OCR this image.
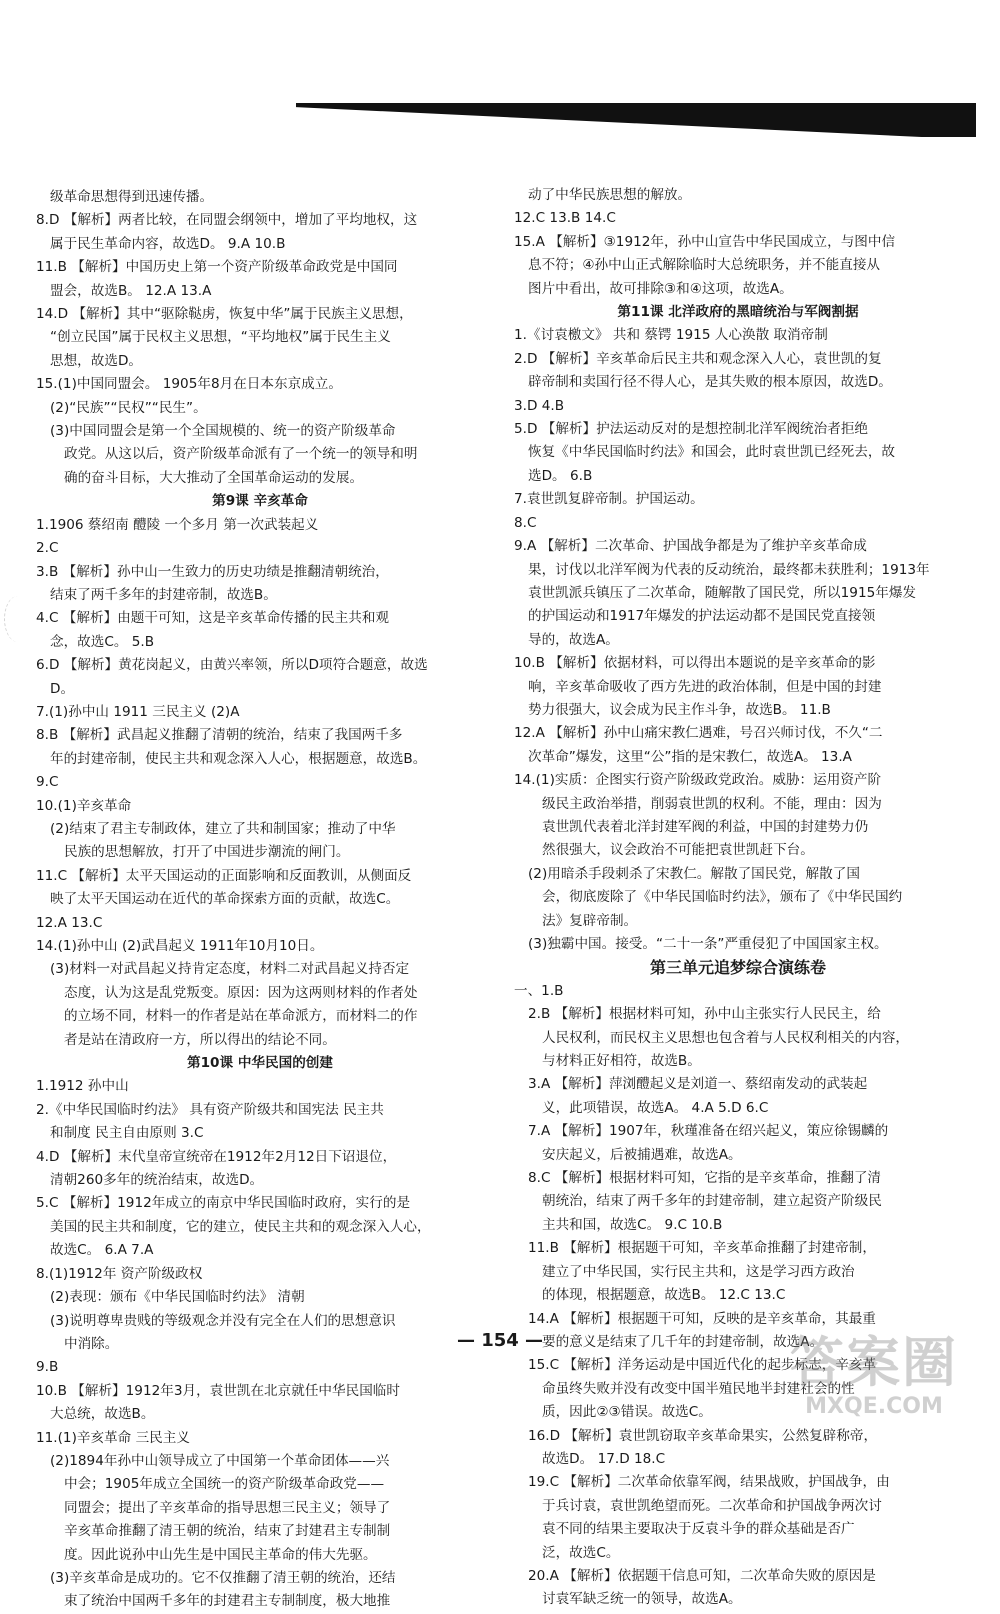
级革命思想得到迅速传播。
8.D 【解析】两者比较，在同盟会纲领中，增加了平均地权，这
属于民生革命内容，故选D。 9.A 10.B
11.B 【解析】中国历史上第一个资产阶级革命政党是中国同
盟会，故选B。 12.A 13.A
14.D 【解析】其中“驱除鞑虏，恢复中华”属于民族主义思想，
“创立民国”属于民权主义思想，“平均地权”属于民生主义
思想，故选D。
15.(1)中国同盟会。 1905年8月在日本东京成立。
(2)“民族”“民权”“民生”。
(3)中国同盟会是第一个全国规模的、统一的资产阶级革命
政党。从这以后，资产阶级革命派有了一个统一的领导和明
确的奋斗目标，大大推动了全国革命运动的发展。
第9课 辛亥革命
1.1906 蔡绍南 醴陵 一个多月 第一次武装起义
2.C
3.B 【解析】孙中山一生致力的历史功绩是推翻清朝统治，
结束了两千多年的封建帝制，故选B。
4.C 【解析】由题干可知，这是辛亥革命传播的民主共和观
念，故选C。 5.B
6.D 【解析】黄花岗起义，由黄兴率领，所以D项符合题意，故选
D。
7.(1)孙中山 1911 三民主义 (2)A
8.B 【解析】武昌起义推翻了清朝的统治，结束了我国两千多
年的封建帝制，使民主共和观念深入人心，根据题意，故选B。
9.C
10.(1)辛亥革命
(2)结束了君主专制政体，建立了共和制国家；推动了中华
民族的思想解放，打开了中国进步潮流的闸门。
11.C 【解析】太平天国运动的正面影响和反面教训，从侧面反
映了太平天国运动在近代的革命探索方面的贡献，故选C。
12.A 13.C
14.(1)孙中山 (2)武昌起义 1911年10月10日。
(3)材料一对武昌起义持肯定态度，材料二对武昌起义持否定
态度，认为这是乱党叛变。原因：因为这两则材料的作者处
的立场不同，材料一的作者是站在革命派方，而材料二的作
者是站在清政府一方，所以得出的结论不同。
第10课 中华民国的创建
1.1912 孙中山
2.《中华民国临时约法》 具有资产阶级共和国宪法 民主共
和制度 民主自由原则 3.C
4.D 【解析】末代皇帝宣统帝在1912年2月12日下诏退位，
清朝260多年的统治结束，故选D。
5.C 【解析】1912年成立的南京中华民国临时政府，实行的是
美国的民主共和制度，它的建立，使民主共和的观念深入人心，
故选C。 6.A 7.A
8.(1)1912年 资产阶级政权
(2)表现：颁布《中华民国临时约法》 清朝
(3)说明尊卑贵贱的等级观念并没有完全在人们的思想意识
中消除。
9.B
10.B 【解析】1912年3月，袁世凯在北京就任中华民国临时
大总统，故选B。
11.(1)辛亥革命 三民主义
(2)1894年孙中山领导成立了中国第一个革命团体——兴
中会；1905年成立全国统一的资产阶级革命政党——
同盟会；提出了辛亥革命的指导思想三民主义；领导了
辛亥革命推翻了清王朝的统治，结束了封建君主专制制
度。因此说孙中山先生是中国民主革命的伟大先驱。
(3)辛亥革命是成功的。它不仅推翻了清王朝的统治，还结
束了统治中国两千多年的封建君主专制制度，极大地推
动了中华民族思想的解放。
12.C 13.B 14.C
15.A 【解析】③1912年，孙中山宣告中华民国成立，与图中信
息不符；④孙中山正式解除临时大总统职务，并不能直接从
图片中看出，故可排除③和④这项，故选A。
第11课 北洋政府的黑暗统治与军阀割据
1.《讨袁檄文》 共和 蔡锷 1915 人心涣散 取消帝制
2.D 【解析】辛亥革命后民主共和观念深入人心，袁世凯的复
辟帝制和卖国行径不得人心，是其失败的根本原因，故选D。
3.D 4.B
5.D 【解析】护法运动反对的是想控制北洋军阀统治者拒绝
恢复《中华民国临时约法》和国会，此时袁世凯已经死去，故
选D。 6.B
7.袁世凯复辟帝制。护国运动。
8.C
9.A 【解析】二次革命、护国战争都是为了维护辛亥革命成
果，讨伐以北洋军阀为代表的反动统治，最终都未获胜利；1913年
袁世凯派兵镇压了二次革命，随解散了国民党，所以1915年爆发
的护国运动和1917年爆发的护法运动都不是国民党直接领
导的，故选A。
10.B 【解析】依据材料，可以得出本题说的是辛亥革命的影
响，辛亥革命吸收了西方先进的政治体制，但是中国的封建
势力很强大，议会成为民主作斗争，故选B。 11.B
12.A 【解析】孙中山痛宋教仁遇难，号召兴师讨伐，不久“二
次革命”爆发，这里“公”指的是宋教仁，故选A。 13.A
14.(1)实质：企图实行资产阶级政党政治。威胁：运用资产阶
级民主政治举措，削弱袁世凯的权利。不能，理由：因为
袁世凯代表着北洋封建军阀的利益，中国的封建势力仍
然很强大，议会政治不可能把袁世凯赶下台。
(2)用暗杀手段刺杀了宋教仁。解散了国民党，解散了国
会，彻底废除了《中华民国临时约法》，颁布了《中华民国约
法》复辟帝制。
(3)独霸中国。接受。“二十一条”严重侵犯了中国国家主权。
第三单元追梦综合演练卷
一、1.B
2.B 【解析】根据材料可知，孙中山主张实行人民民主，给
人民权利，而民权主义思想也包含着与人民权利相关的内容，
与材料正好相符，故选B。
3.A 【解析】萍浏醴起义是刘道一、蔡绍南发动的武装起
义，此项错误，故选A。 4.A 5.D 6.C
7.A 【解析】1907年，秋瑾准备在绍兴起义，策应徐锡麟的
安庆起义，后被捕遇难，故选A。
8.C 【解析】根据材料可知，它指的是辛亥革命，推翻了清
朝统治，结束了两千多年的封建帝制，建立起资产阶级民
主共和国，故选C。 9.C 10.B
11.B 【解析】根据题干可知，辛亥革命推翻了封建帝制，
建立了中华民国，实行民主共和，这是学习西方政治
的体现，根据题意，故选B。 12.C 13.C
14.A 【解析】根据题干可知，反映的是辛亥革命，其最重
要的意义是结束了几千年的封建帝制，故选A。
15.C 【解析】洋务运动是中国近代化的起步标志，辛亥革
命虽终失败并没有改变中国半殖民地半封建社会的性
质，因此②③错误。故选C。
16.D 【解析】袁世凯窃取辛亥革命果实，公然复辟称帝，
故选D。 17.D 18.C
19.C 【解析】二次革命依靠军阀，结果战败，护国战争，由
于兵讨袁，袁世凯绝望而死。二次革命和护国战争两次讨
袁不同的结果主要取决于反袁斗争的群众基础是否广
泛，故选C。
20.A 【解析】依据题干信息可知，二次革命失败的原因是
讨袁军缺乏统一的领导，故选A。
— 154 —	答案圈
MXQE.COM
